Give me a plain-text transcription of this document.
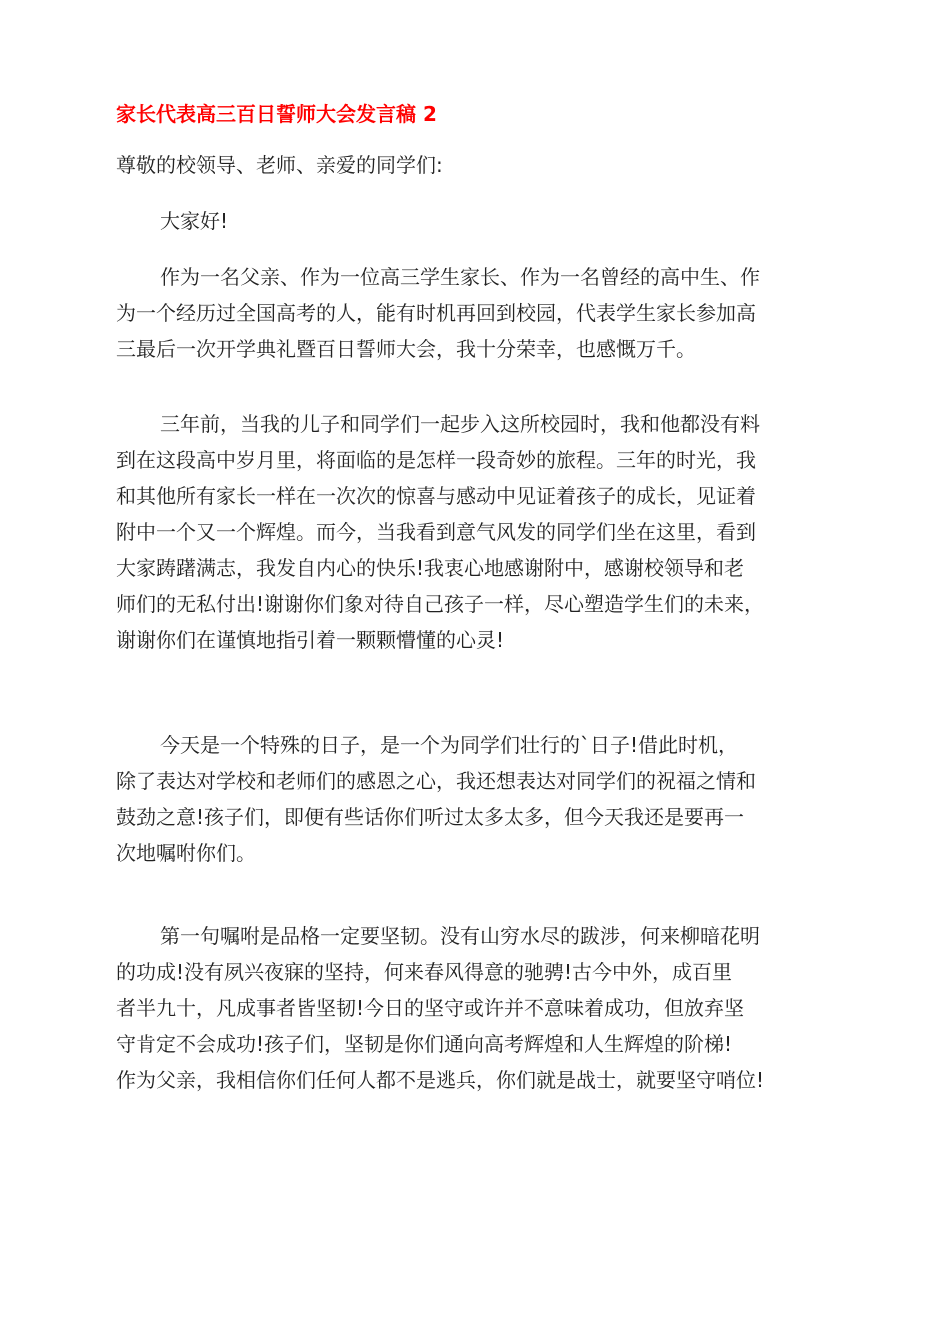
家长代表高三百日誓师大会发言稿 2
尊敬的校领导、老师、亲爱的同学们:
大家好!
作为一名父亲、作为一位高三学生家长、作为一名曾经的高中生、作
为一个经历过全国高考的人，能有时机再回到校园，代表学生家长参加高
三最后一次开学典礼暨百日誓师大会，我十分荣幸，也感慨万千。
三年前，当我的儿子和同学们一起步入这所校园时，我和他都没有料
到在这段高中岁月里，将面临的是怎样一段奇妙的旅程。三年的时光，我
和其他所有家长一样在一次次的惊喜与感动中见证着孩子的成长，见证着
附中一个又一个辉煌。而今，当我看到意气风发的同学们坐在这里，看到
大家踌躇满志，我发自内心的快乐!我衷心地感谢附中，感谢校领导和老
师们的无私付出!谢谢你们象对待自己孩子一样，尽心塑造学生们的未来，
谢谢你们在谨慎地指引着一颗颗懵懂的心灵!
今天是一个特殊的日子，是一个为同学们壮行的`日子!借此时机，
除了表达对学校和老师们的感恩之心，我还想表达对同学们的祝福之情和
鼓劲之意!孩子们，即便有些话你们听过太多太多，但今天我还是要再一
次地嘱咐你们。
第一句嘱咐是品格一定要坚韧。没有山穷水尽的跋涉，何来柳暗花明
的功成!没有夙兴夜寐的坚持，何来春风得意的驰骋!古今中外，成百里
者半九十，凡成事者皆坚韧!今日的坚守或许并不意味着成功，但放弃坚
守肯定不会成功!孩子们，坚韧是你们通向高考辉煌和人生辉煌的阶梯!
作为父亲，我相信你们任何人都不是逃兵，你们就是战士，就要坚守哨位!
